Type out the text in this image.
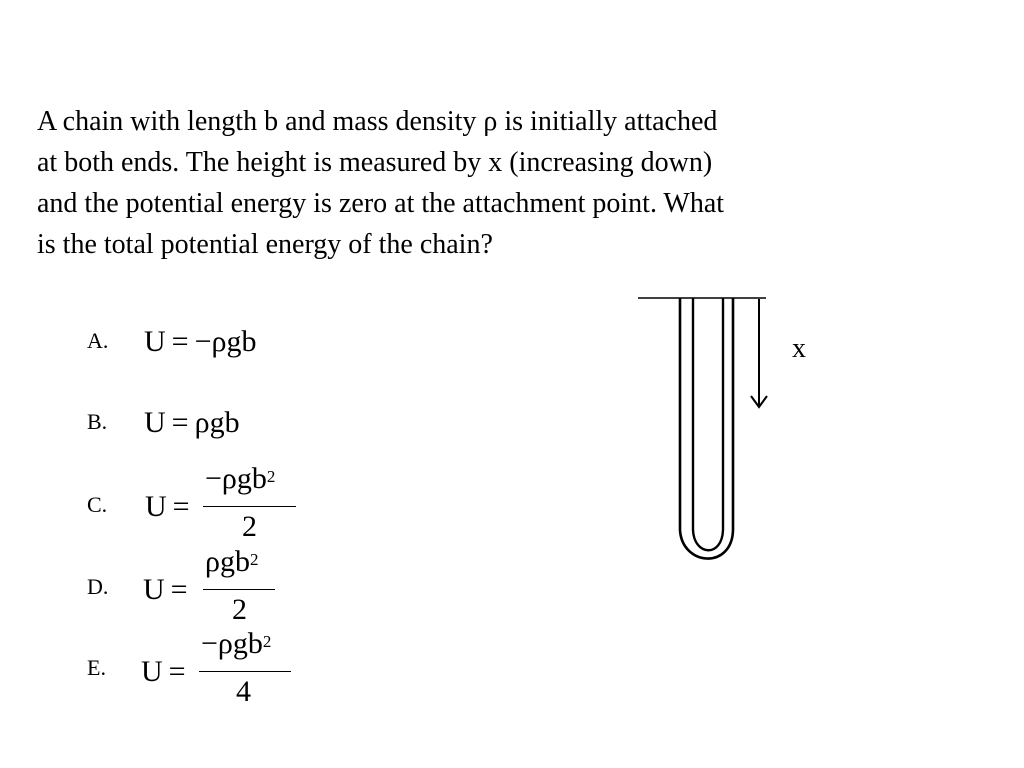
A chain with length b and mass density ρ is initially attached
at both ends. The height is measured by x (increasing down)
and the potential energy is zero at the attachment point. What
is the total potential energy of the chain?

A. U = −ρgb
B. U = ρgb
C. U =
−ρgb$^2$
2
D. U =
ρgb$^2$
2
E. U =
−ρgb$^2$
4
x
